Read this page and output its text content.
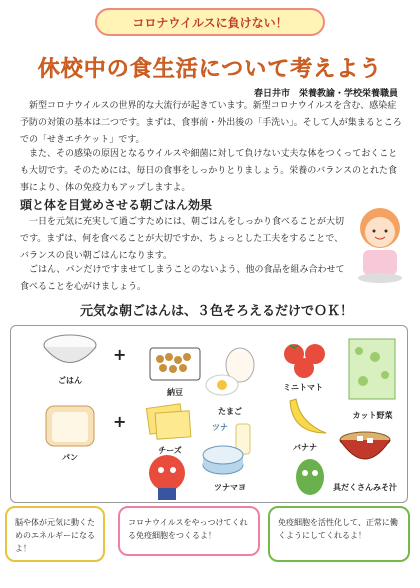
コロナウイルスに負けない！
休校中の食生活について考えよう
春日井市　栄養教諭・学校栄養職員
　新型コロナウイルスの世界的な大流行が起きています。新型コロナウイルスを含む、感染症予防の対策の基本は二つです。まずは、食事前・外出後の「手洗い」。そして人が集まるところでの「せきエチケット」です。
　また、その感染の原因となるウイルスや細菌に対して負けない丈夫な体をつくっておくことも大切です。そのためには、毎日の食事をしっかりとりましょう。栄養のバランスのとれた食事により、体の免疫力もアップしますよ。
頭と体を目覚めさせる朝ごはん効果
　一日を元気に充実して過ごすためには、朝ごはんをしっかり食べることが大切です。まずは、何を食べることが大切ですか、ちょっとした工夫をすることで、バランスの良い朝ごはんになります。
　ごはん、パンだけですませてしまうことのないよう、他の食品を組み合わせて食べることを心がけましょう。
元気な朝ごはんは、３色そろえるだけでＯＫ！
ごはん
+
パン
+
納豆
たまご
チーズ
ツナ
ツナマヨ
ミニトマト
カット野菜
バナナ
具だくさんみそ汁
脳や体が元気に動くためのエネルギーになるよ！
コロナウイルスをやっつけてくれる免疫細胞をつくるよ！
免疫細胞を活性化して、正常に働くようにしてくれるよ！
